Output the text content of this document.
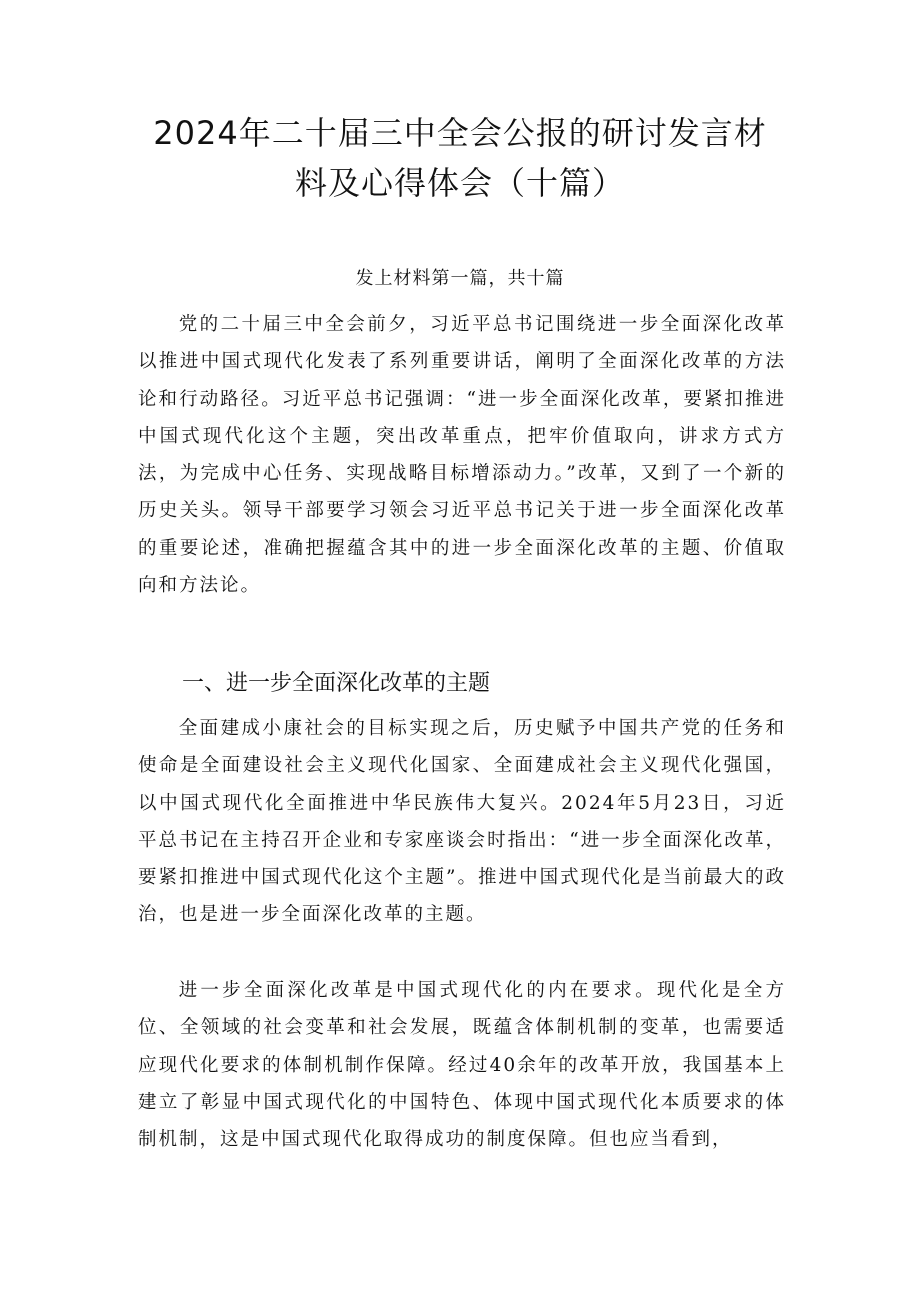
2024年二十届三中全会公报的研讨发言材
料及心得体会（十篇）

发上材料第一篇，共十篇

党的二十届三中全会前夕，习近平总书记围绕进一步全面深化改革以推进中国式现代化发表了系列重要讲话，阐明了全面深化改革的方法论和行动路径。习近平总书记强调：“进一步全面深化改革，要紧扣推进中国式现代化这个主题，突出改革重点，把牢价值取向，讲求方式方法，为完成中心任务、实现战略目标增添动力。”改革，又到了一个新的历史关头。领导干部要学习领会习近平总书记关于进一步全面深化改革的重要论述，准确把握蕴含其中的进一步全面深化改革的主题、价值取向和方法论。

一、进一步全面深化改革的主题

全面建成小康社会的目标实现之后，历史赋予中国共产党的任务和使命是全面建设社会主义现代化国家、全面建成社会主义现代化强国，以中国式现代化全面推进中华民族伟大复兴。2024年5月23日，习近平总书记在主持召开企业和专家座谈会时指出：“进一步全面深化改革，要紧扣推进中国式现代化这个主题”。推进中国式现代化是当前最大的政治，也是进一步全面深化改革的主题。

进一步全面深化改革是中国式现代化的内在要求。现代化是全方位、全领域的社会变革和社会发展，既蕴含体制机制的变革，也需要适应现代化要求的体制机制作保障。经过40余年的改革开放，我国基本上建立了彰显中国式现代化的中国特色、体现中国式现代化本质要求的体制机制，这是中国式现代化取得成功的制度保障。但也应当看到，
